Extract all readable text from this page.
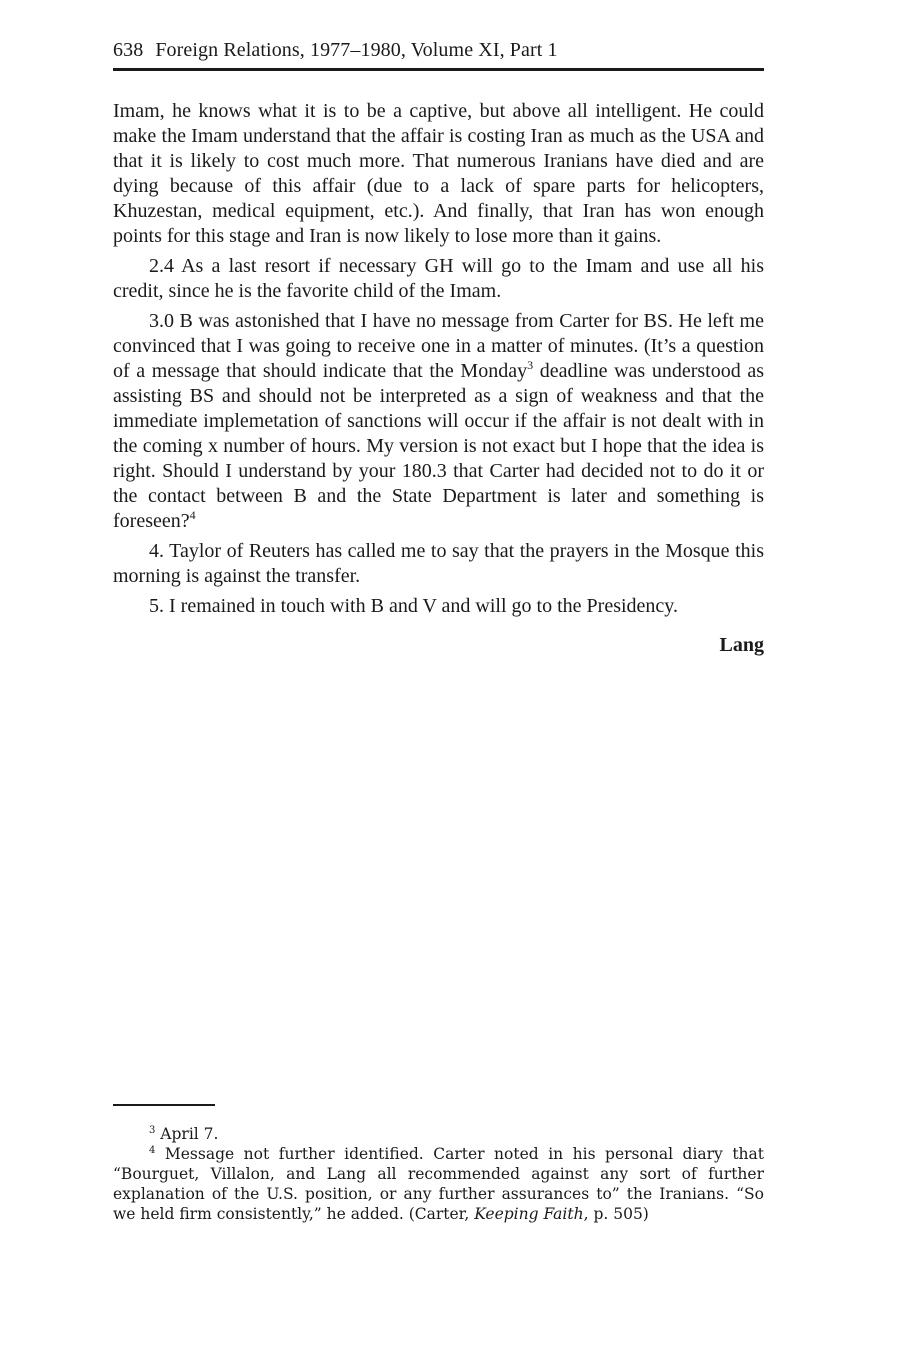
638 Foreign Relations, 1977–1980, Volume XI, Part 1

Imam, he knows what it is to be a captive, but above all intelligent. He could make the Imam understand that the affair is costing Iran as much as the USA and that it is likely to cost much more. That numerous Iranians have died and are dying because of this affair (due to a lack of spare parts for helicopters, Khuzestan, medical equipment, etc.). And finally, that Iran has won enough points for this stage and Iran is now likely to lose more than it gains.

2.4 As a last resort if necessary GH will go to the Imam and use all his credit, since he is the favorite child of the Imam.

3.0 B was astonished that I have no message from Carter for BS. He left me convinced that I was going to receive one in a matter of minutes. (It’s a question of a message that should indicate that the Monday$^3$ deadline was understood as assisting BS and should not be interpreted as a sign of weakness and that the immediate implemetation of sanctions will occur if the affair is not dealt with in the coming x number of hours. My version is not exact but I hope that the idea is right. Should I understand by your 180.3 that Carter had decided not to do it or the contact between B and the State Department is later and something is foreseen?$^4$

4. Taylor of Reuters has called me to say that the prayers in the Mosque this morning is against the transfer.

5. I remained in touch with B and V and will go to the Presidency.

Lang

$^3$ April 7.

$^4$ Message not further identified. Carter noted in his personal diary that “Bourguet, Villalon, and Lang all recommended against any sort of further explanation of the U.S. position, or any further assurances to” the Iranians. “So we held firm consistently,” he added. (Carter, Keeping Faith, p. 505)
